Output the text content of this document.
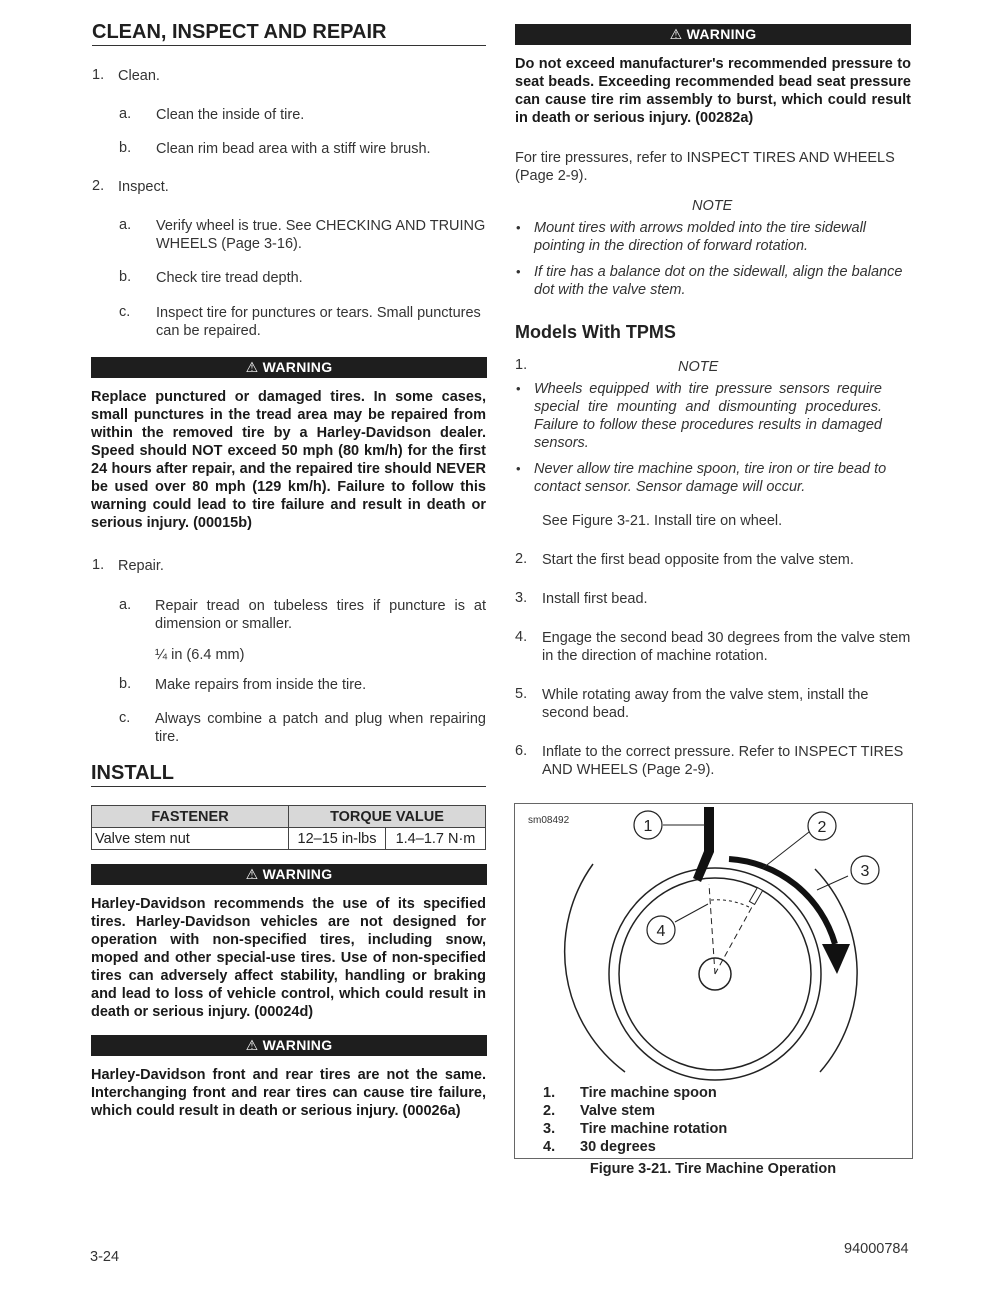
CLEAN, INSPECT AND REPAIR
1. Clean.
a. Clean the inside of tire.
b. Clean rim bead area with a stiff wire brush.
2. Inspect.
a. Verify wheel is true. See CHECKING AND TRUING WHEELS (Page 3-16).
b. Check tire tread depth.
c. Inspect tire for punctures or tears. Small punctures can be repaired.
⚠ WARNING
Replace punctured or damaged tires. In some cases, small punctures in the tread area may be repaired from within the removed tire by a Harley-Davidson dealer. Speed should NOT exceed 50 mph (80 km/h) for the first 24 hours after repair, and the repaired tire should NEVER be used over 80 mph (129 km/h). Failure to follow this warning could lead to tire failure and result in death or serious injury. (00015b)
1. Repair.
a. Repair tread on tubeless tires if puncture is at dimension or smaller.
¼ in (6.4 mm)
b. Make repairs from inside the tire.
c. Always combine a patch and plug when repairing tire.
INSTALL
FASTENER	TORQUE VALUE	
Valve stem nut	12–15 in-lbs	1.4–1.7 N·m
⚠ WARNING
Harley-Davidson recommends the use of its specified tires. Harley-Davidson vehicles are not designed for operation with non-specified tires, including snow, moped and other special-use tires. Use of non-specified tires can adversely affect stability, handling or braking and lead to loss of vehicle control, which could result in death or serious injury. (00024d)
⚠ WARNING
Harley-Davidson front and rear tires are not the same. Interchanging front and rear tires can cause tire failure, which could result in death or serious injury. (00026a)
⚠ WARNING
Do not exceed manufacturer's recommended pressure to seat beads. Exceeding recommended bead seat pressure can cause tire rim assembly to burst, which could result in death or serious injury. (00282a)
For tire pressures, refer to INSPECT TIRES AND WHEELS (Page 2-9).
NOTE
• Mount tires with arrows molded into the tire sidewall pointing in the direction of forward rotation.
• If tire has a balance dot on the sidewall, align the balance dot with the valve stem.
Models With TPMS
1.	NOTE
• Wheels equipped with tire pressure sensors require special tire mounting and dismounting procedures. Failure to follow these procedures results in damaged sensors.
• Never allow tire machine spoon, tire iron or tire bead to contact sensor. Sensor damage will occur.
See Figure 3-21. Install tire on wheel.
2. Start the first bead opposite from the valve stem.
3. Install first bead.
4. Engage the second bead 30 degrees from the valve stem in the direction of machine rotation.
5. While rotating away from the valve stem, install the second bead.
6. Inflate to the correct pressure. Refer to INSPECT TIRES AND WHEELS (Page 2-9).
sm08492	1	2
3
4
1. Tire machine spoon
2. Valve stem
3. Tire machine rotation
4. 30 degrees
Figure 3-21. Tire Machine Operation
3-24	94000784
